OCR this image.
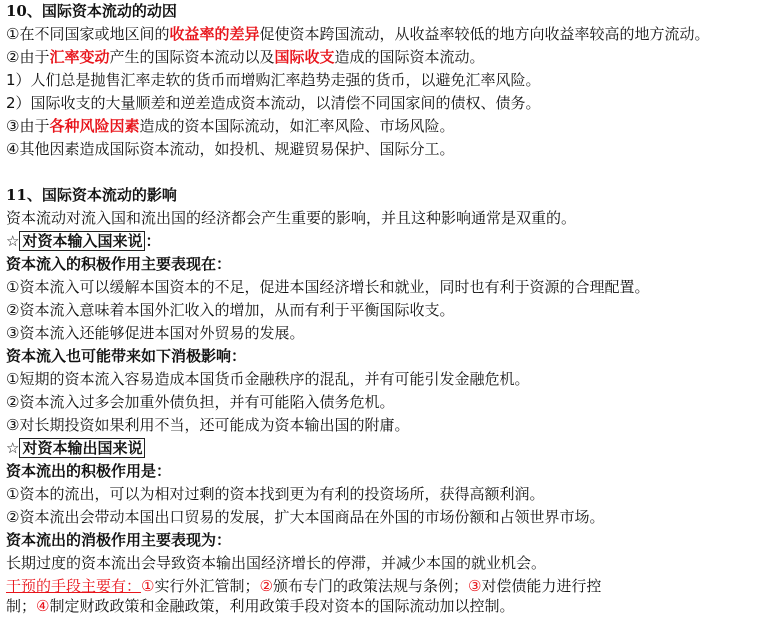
10、国际资本流动的动因
①在不同国家或地区间的收益率的差异促使资本跨国流动，从收益率较低的地方向收益率较高的地方流动。
②由于汇率变动产生的国际资本流动以及国际收支造成的国际资本流动。
1）人们总是抛售汇率走软的货币而增购汇率趋势走强的货币，以避免汇率风险。
2）国际收支的大量顺差和逆差造成资本流动，以清偿不同国家间的债权、债务。
③由于各种风险因素造成的资本国际流动，如汇率风险、市场风险。
④其他因素造成国际资本流动，如投机、规避贸易保护、国际分工。
11、国际资本流动的影响
资本流动对流入国和流出国的经济都会产生重要的影响，并且这种影响通常是双重的。
☆ 对资本输入国来说 ：
资本流入的积极作用主要表现在：
①资本流入可以缓解本国资本的不足，促进本国经济增长和就业，同时也有利于资源的合理配置。
②资本流入意味着本国外汇收入的增加，从而有利于平衡国际收支。
③资本流入还能够促进本国对外贸易的发展。
资本流入也可能带来如下消极影响：
①短期的资本流入容易造成本国货币金融秩序的混乱，并有可能引发金融危机。
②资本流入过多会加重外债负担，并有可能陷入债务危机。
③对长期投资如果利用不当，还可能成为资本输出国的附庸。
☆ 对资本输出国来说
资本流出的积极作用是：
①资本的流出，可以为相对过剩的资本找到更为有利的投资场所，获得高额利润。
②资本流出会带动本国出口贸易的发展，扩大本国商品在外国的市场份额和占领世界市场。
资本流出的消极作用主要表现为：
长期过度的资本流出会导致资本输出国经济增长的停滞，并减少本国的就业机会。
干预的手段主要有：①实行外汇管制；②颁布专门的政策法规与条例；③对偿债能力进行控
制；④制定财政政策和金融政策，利用政策手段对资本的国际流动加以控制。
